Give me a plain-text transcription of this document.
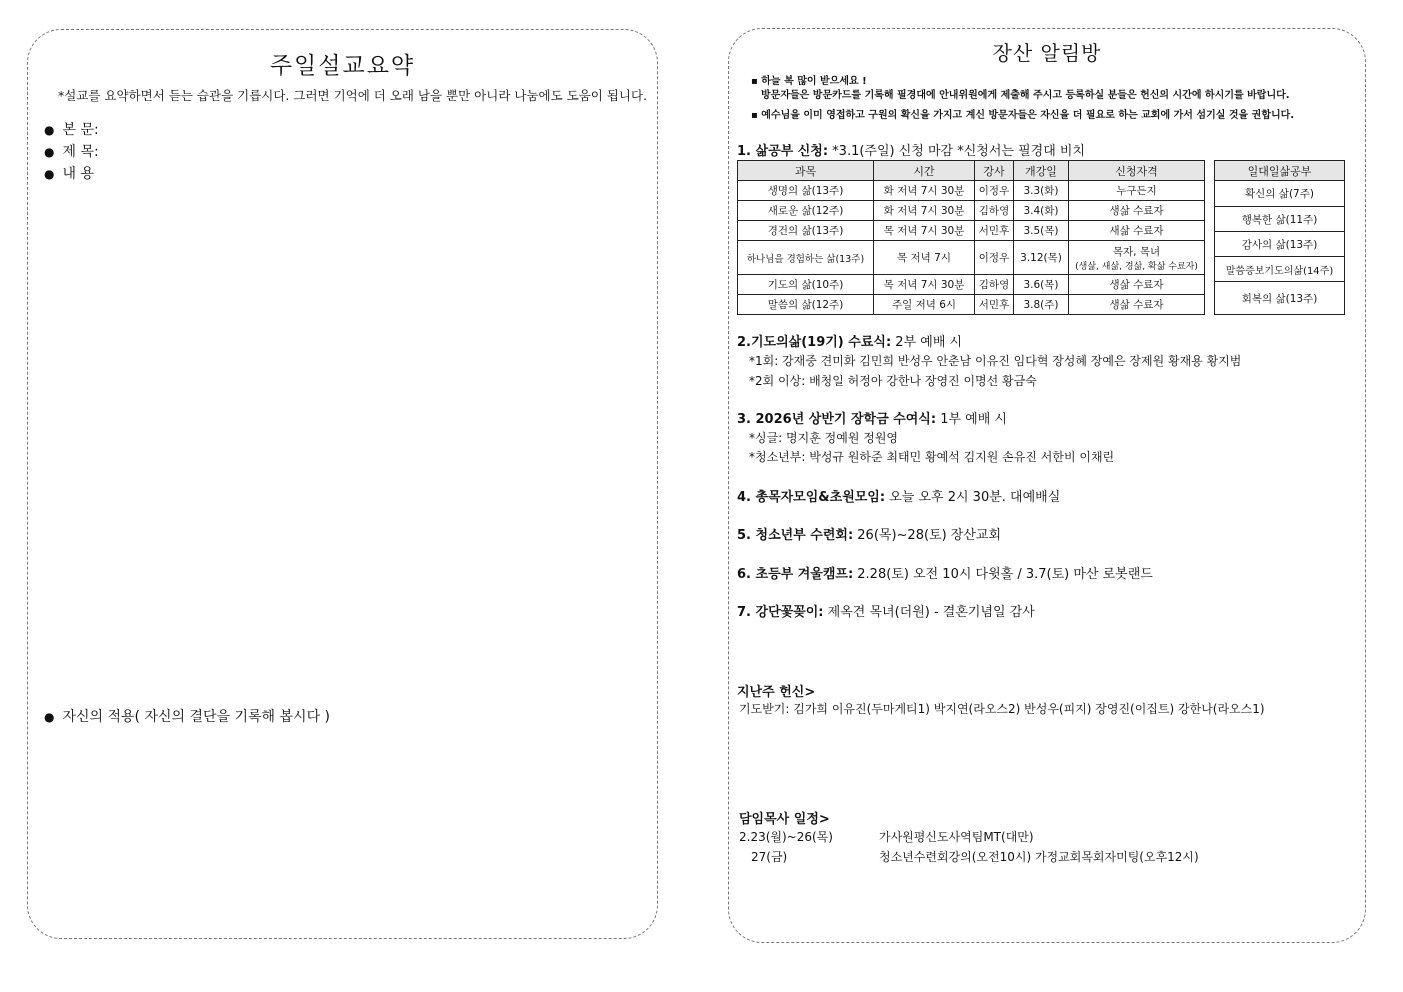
주일설교요약
*설교를 요약하면서 듣는 습관을 기릅시다. 그러면 기억에 더 오래 남을 뿐만 아니라 나눔에도 도움이 됩니다.
● 본 문:
● 제 목:
● 내 용
● 자신의 적용( 자신의 결단을 기록해 봅시다 )
장산 알림방
▪ 하늘 복 많이 받으세요 !
방문자들은 방문카드를 기록해 필경대에 안내위원에게 제출해 주시고 등록하실 분들은 헌신의 시간에 하시기를 바랍니다.
▪ 예수님을 이미 영접하고 구원의 확신을 가지고 계신 방문자들은 자신을 더 필요로 하는 교회에 가서 섬기실 것을 권합니다.
1. 삶공부 신청: *3.1(주일) 신청 마감 *신청서는 필경대 비치
과목	시간	강사	개강일	신청자격
생명의 삶(13주)	화 저녁 7시 30분	이정우	3.3(화)	누구든지
새로운 삶(12주)	화 저녁 7시 30분	김하영	3.4(화)	생삶 수료자
경건의 삶(13주)	목 저녁 7시 30분	서민후	3.5(목)	새삶 수료자
하나님을 경험하는 삶(13주)	목 저녁 7시	이정우	3.12(목)	목자, 목녀
(생삶, 새삶, 경삶, 확삶 수료자)

기도의 삶(10주)	목 저녁 7시 30분	김하영	3.6(목)	생삶 수료자
말씀의 삶(12주)	주일 저녁 6시	서민후	3.8(주)	생삶 수료자
일대일삶공부
확신의 삶(7주)
행복한 삶(11주)
감사의 삶(13주)
말씀증보기도의삶(14주)
회복의 삶(13주)
2.기도의삶(19기) 수료식: 2부 예배 시
*1회: 강재중 견미화 김민희 반성우 안춘남 이유진 임다혁 장성혜 장예은 장제원 황재용 황지범
*2회 이상: 배청일 허정아 강한나 장영진 이명선 황금숙
3. 2026년 상반기 장학금 수여식: 1부 예배 시
*싱글: 명지훈 정예원 정원영
*청소년부: 박성규 원하준 최태민 황예석 김지원 손유진 서한비 이채린
4. 총목자모임&초원모임: 오늘 오후 2시 30분. 대예배실
5. 청소년부 수련회: 26(목)~28(토) 장산교회
6. 초등부 겨울캠프: 2.28(토) 오전 10시 다윗홀 / 3.7(토) 마산 로봇랜드
7. 강단꽃꽂이: 제옥견 목녀(더원) - 결혼기념일 감사
지난주 헌신>
기도받기: 김가희 이유진(두마게티1) 박지연(라오스2) 반성우(피지) 장영진(이집트) 강한나(라오스1)
담임목사 일정>
2.23(월)~26(목)	가사원평신도사역팀MT(대만)
27(금)	청소년수련회강의(오전10시) 가정교회목회자미팅(오후12시)
